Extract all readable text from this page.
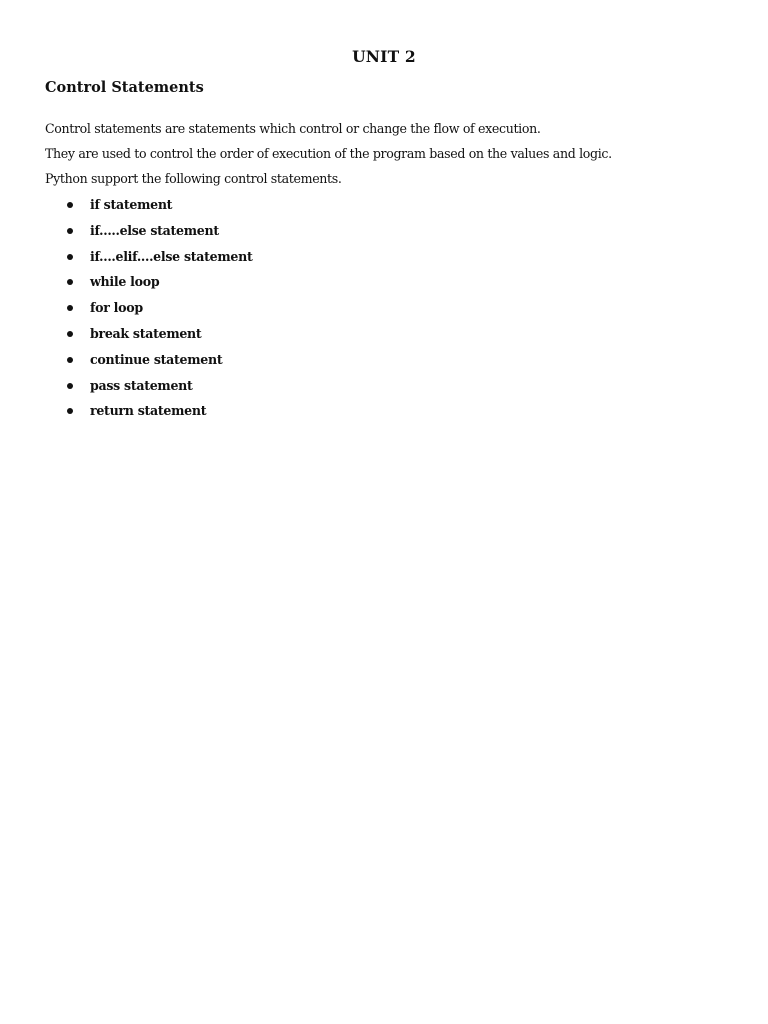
UNIT 2
Control Statements
Control statements are statements which control or change the flow of execution.
They are used to control the order of execution of the program based on the values and logic.
Python support the following control statements.
if statement
if.....else statement
if....elif....else statement
while loop
for loop
break statement
continue statement
pass statement
return statement
